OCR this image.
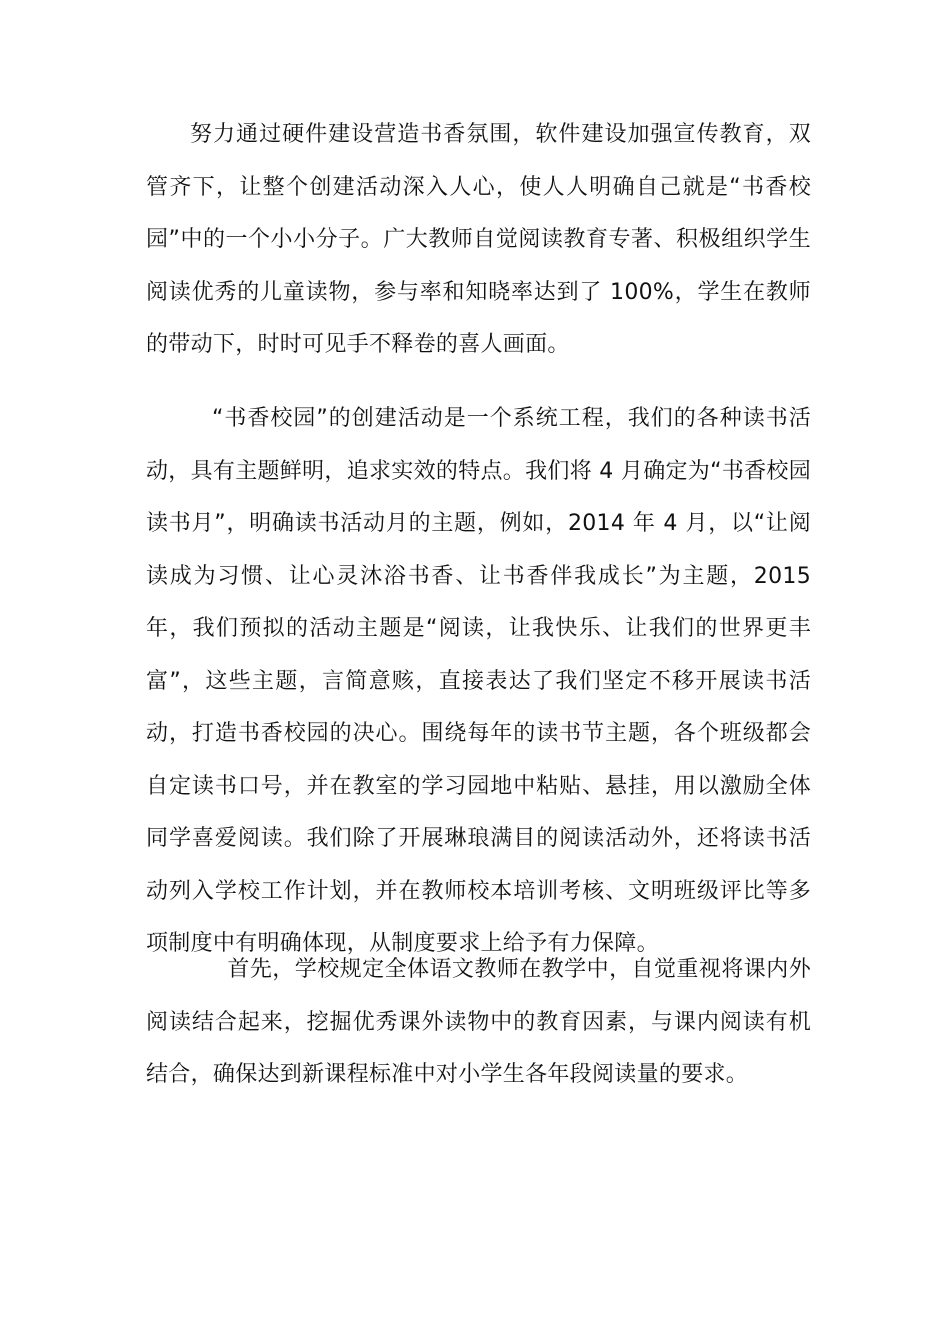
努力通过硬件建设营造书香氛围，软件建设加强宣传教育，双管齐下，让整个创建活动深入人心，使人人明确自己就是“书香校园”中的一个小小分子。广大教师自觉阅读教育专著、积极组织学生阅读优秀的儿童读物，参与率和知晓率达到了 100%，学生在教师的带动下，时时可见手不释卷的喜人画面。

“书香校园”的创建活动是一个系统工程，我们的各种读书活动，具有主题鲜明，追求实效的特点。我们将 4 月确定为“书香校园读书月”，明确读书活动月的主题，例如，2014 年 4 月，以“让阅读成为习惯、让心灵沐浴书香、让书香伴我成长”为主题，2015 年，我们预拟的活动主题是“阅读，让我快乐、让我们的世界更丰富”，这些主题，言简意赅，直接表达了我们坚定不移开展读书活动，打造书香校园的决心。围绕每年的读书节主题，各个班级都会自定读书口号，并在教室的学习园地中粘贴、悬挂，用以激励全体同学喜爱阅读。我们除了开展琳琅满目的阅读活动外，还将读书活动列入学校工作计划，并在教师校本培训考核、文明班级评比等多项制度中有明确体现，从制度要求上给予有力保障。

首先，学校规定全体语文教师在教学中，自觉重视将课内外阅读结合起来，挖掘优秀课外读物中的教育因素，与课内阅读有机结合，确保达到新课程标准中对小学生各年段阅读量的要求。
